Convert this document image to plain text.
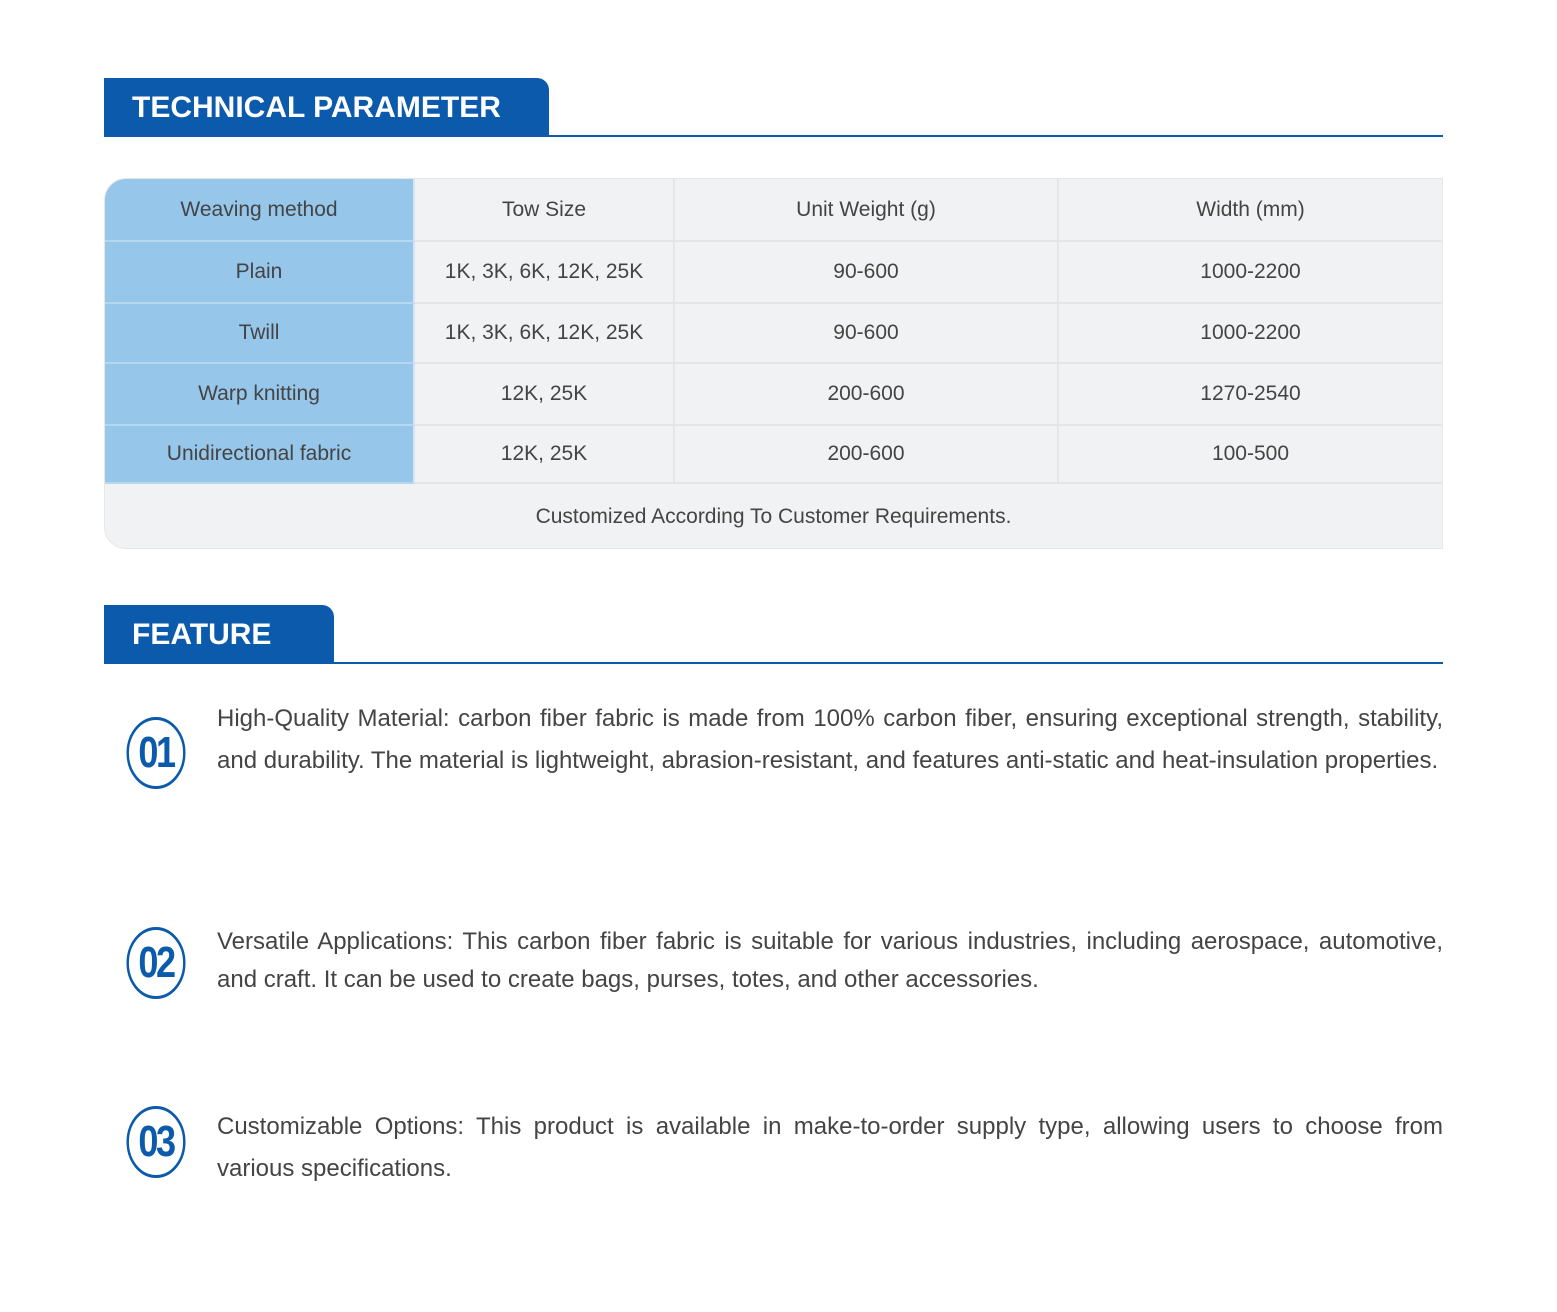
TECHNICAL PARAMETER
Weaving method	Tow Size	Unit Weight (g)	Width (mm)
Plain	1K, 3K, 6K, 12K, 25K	90-600	1000-2200
Twill	1K, 3K, 6K, 12K, 25K	90-600	1000-2200
Warp knitting	12K, 25K	200-600	1270-2540
Unidirectional fabric	12K, 25K	200-600	100-500
Customized According To Customer Requirements.
FEATURE
01
High-Quality Material: carbon fiber fabric is made from 100% carbon fiber, ensuring exceptional strength, stability, and durability. The material is lightweight, abrasion-resistant, and features anti-static and heat-insulation properties.
02	Versatile Applications: This carbon fiber fabric is suitable for various industries, including aerospace, automotive, and craft. It can be used to create bags, purses, totes, and other accessories.
03	Customizable Options: This product is available in make-to-order supply type, allowing users to choose from various specifications.
